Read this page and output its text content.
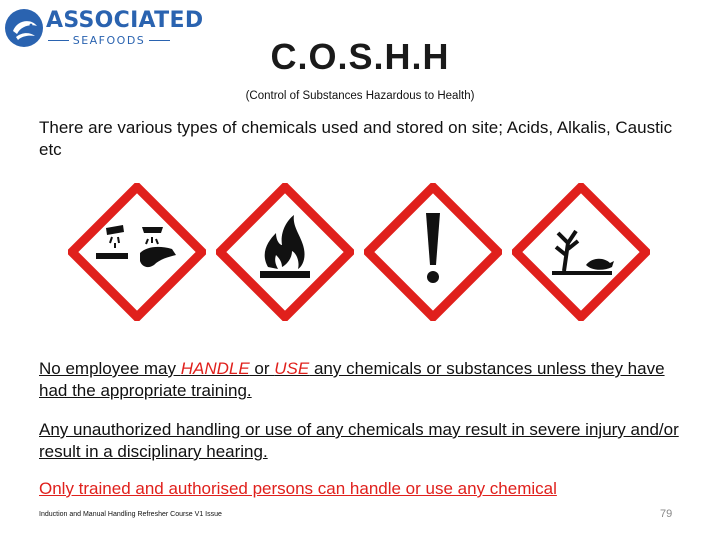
ASSOCIATED
SEAFOODS	C.O.S.H.H
(Control of Substances Hazardous to Health)
There are various types of chemicals used and stored on site; Acids, Alkalis, Caustic etc
No employee may HANDLE or USE any chemicals or substances unless they have had the appropriate training.
Any unauthorized handling or use of any chemicals may result in severe injury and/or result in a disciplinary hearing.
Only trained and authorised persons can handle or use any chemical
Induction and Manual Handling Refresher Course V1 Issue	79
